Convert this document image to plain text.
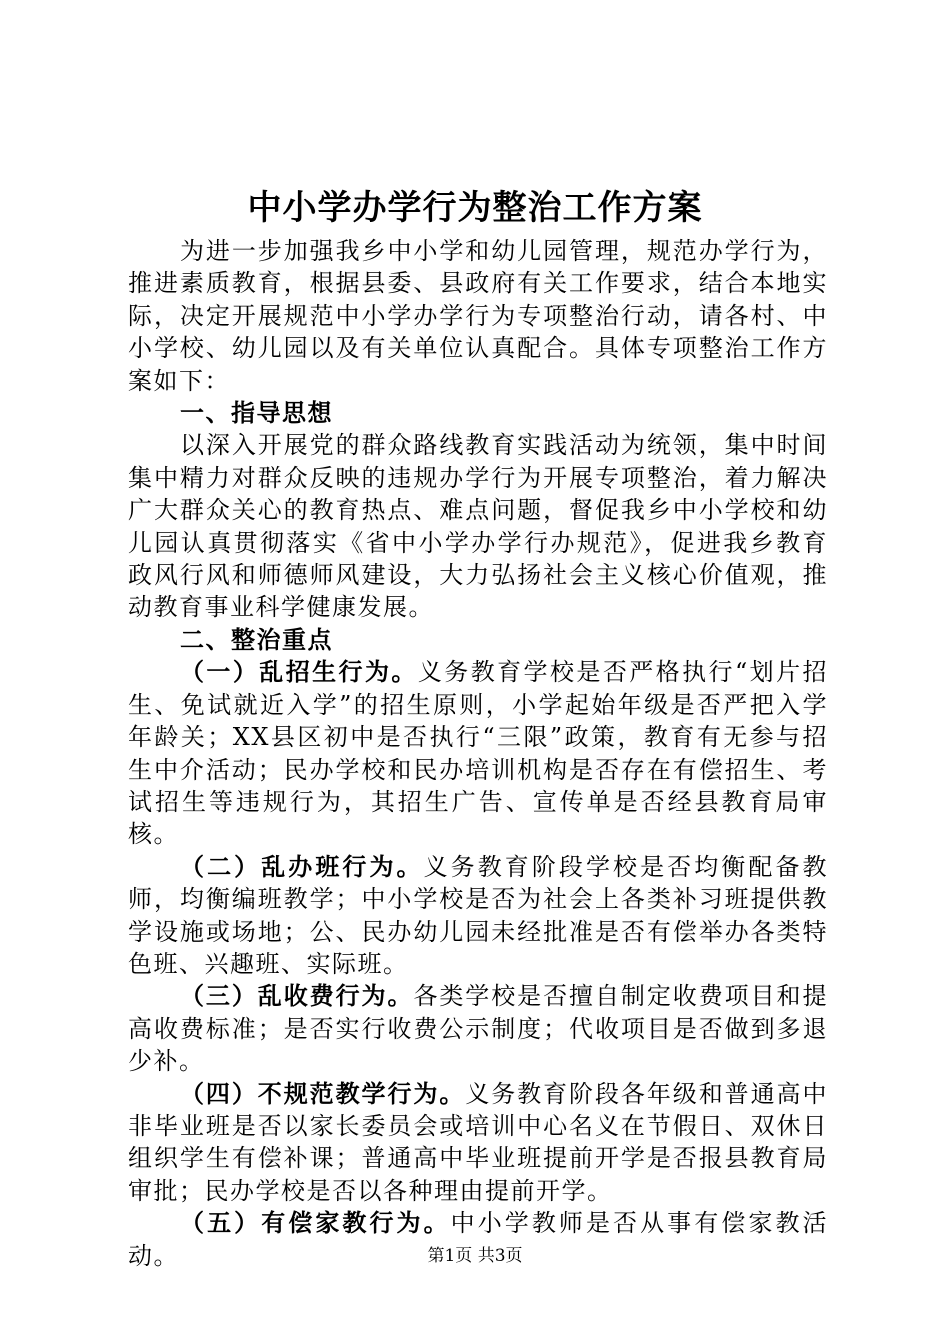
中小学办学行为整治工作方案

为进一步加强我乡中小学和幼儿园管理，规范办学行为，推进素质教育，根据县委、县政府有关工作要求，结合本地实际，决定开展规范中小学办学行为专项整治行动，请各村、中小学校、幼儿园以及有关单位认真配合。具体专项整治工作方案如下：

一、指导思想

以深入开展党的群众路线教育实践活动为统领，集中时间集中精力对群众反映的违规办学行为开展专项整治，着力解决广大群众关心的教育热点、难点问题，督促我乡中小学校和幼儿园认真贯彻落实《省中小学办学行办规范》，促进我乡教育政风行风和师德师风建设，大力弘扬社会主义核心价值观，推动教育事业科学健康发展。

二、整治重点

（一）乱招生行为。义务教育学校是否严格执行“划片招生、免试就近入学”的招生原则，小学起始年级是否严把入学年龄关；XX县区初中是否执行“三限”政策，教育有无参与招生中介活动；民办学校和民办培训机构是否存在有偿招生、考试招生等违规行为，其招生广告、宣传单是否经县教育局审核。

（二）乱办班行为。义务教育阶段学校是否均衡配备教师，均衡编班教学；中小学校是否为社会上各类补习班提供教学设施或场地；公、民办幼儿园未经批准是否有偿举办各类特色班、兴趣班、实际班。

（三）乱收费行为。各类学校是否擅自制定收费项目和提高收费标准；是否实行收费公示制度；代收项目是否做到多退少补。

（四）不规范教学行为。义务教育阶段各年级和普通高中非毕业班是否以家长委员会或培训中心名义在节假日、双休日组织学生有偿补课；普通高中毕业班提前开学是否报县教育局审批；民办学校是否以各种理由提前开学。

（五）有偿家教行为。中小学教师是否从事有偿家教活动。	第1页 共3页
